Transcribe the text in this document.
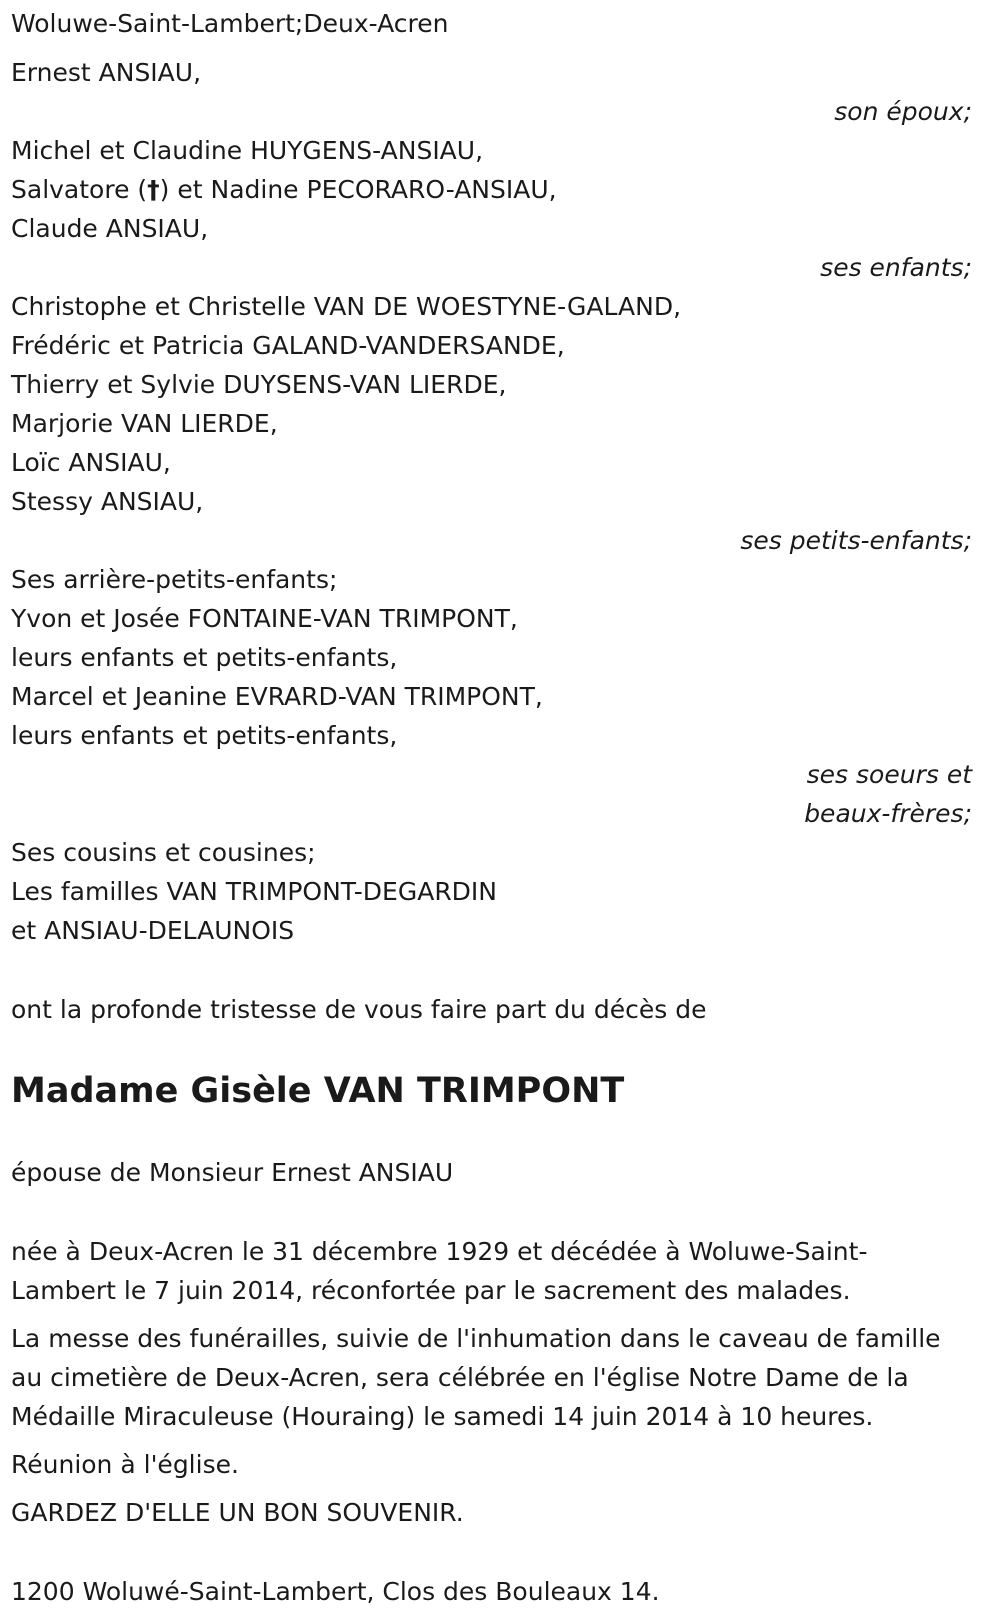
Woluwe-Saint-Lambert;Deux-Acren
Ernest ANSIAU,
son époux;
Michel et Claudine HUYGENS-ANSIAU,
Salvatore (†) et Nadine PECORARO-ANSIAU,
Claude ANSIAU,
ses enfants;
Christophe et Christelle VAN DE WOESTYNE-GALAND,
Frédéric et Patricia GALAND-VANDERSANDE,
Thierry et Sylvie DUYSENS-VAN LIERDE,
Marjorie VAN LIERDE,
Loïc ANSIAU,
Stessy ANSIAU,
ses petits-enfants;
Ses arrière-petits-enfants;
Yvon et Josée FONTAINE-VAN TRIMPONT,
leurs enfants et petits-enfants,
Marcel et Jeanine EVRARD-VAN TRIMPONT,
leurs enfants et petits-enfants,
ses soeurs et
beaux-frères;
Ses cousins et cousines;
Les familles VAN TRIMPONT-DEGARDIN
et ANSIAU-DELAUNOIS
ont la profonde tristesse de vous faire part du décès de
Madame Gisèle VAN TRIMPONT
épouse de Monsieur Ernest ANSIAU
née à Deux-Acren le 31 décembre 1929 et décédée à Woluwe-Saint-Lambert le 7 juin 2014, réconfortée par le sacrement des malades.
La messe des funérailles, suivie de l'inhumation dans le caveau de famille au cimetière de Deux-Acren, sera célébrée en l'église Notre Dame de la Médaille Miraculeuse (Houraing) le samedi 14 juin 2014 à 10 heures.
Réunion à l'église.
GARDEZ D'ELLE UN BON SOUVENIR.
1200 Woluwé-Saint-Lambert, Clos des Bouleaux 14.
